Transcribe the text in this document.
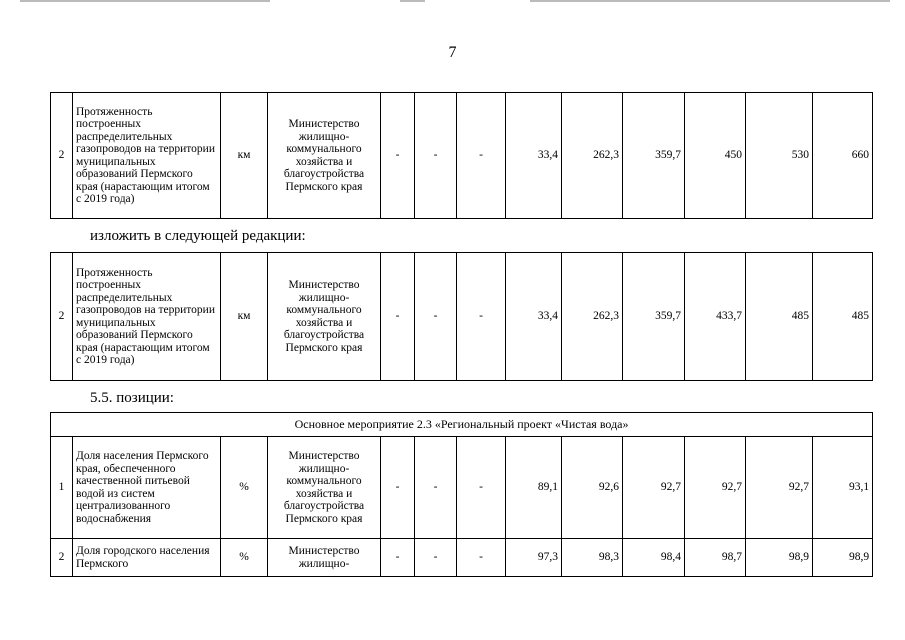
7
2	Протяженность построенных распределительных газопроводов на территории муниципальных образований Пермского края (нарастающим итогом с 2019 года)	км	Министерство жилищно-коммунального хозяйства и благоустройства Пермского края	-	-	-	33,4	262,3	359,7	450	530	660
изложить в следующей редакции:
2	Протяженность построенных распределительных газопроводов на территории муниципальных образований Пермского края (нарастающим итогом с 2019 года)	км	Министерство жилищно-коммунального хозяйства и благоустройства Пермского края	-	-	-	33,4	262,3	359,7	433,7	485	485
5.5. позиции:
Основное мероприятие 2.3 «Региональный проект «Чистая вода»												
1	Доля населения Пермского края, обеспеченного качественной питьевой водой из систем централизованного водоснабжения	%	Министерство жилищно-коммунального хозяйства и благоустройства Пермского края	-	-	-	89,1	92,6	92,7	92,7	92,7	93,1
2	Доля городского населения Пермского	%	Министерство жилищно-	-	-	-	97,3	98,3	98,4	98,7	98,9	98,9
